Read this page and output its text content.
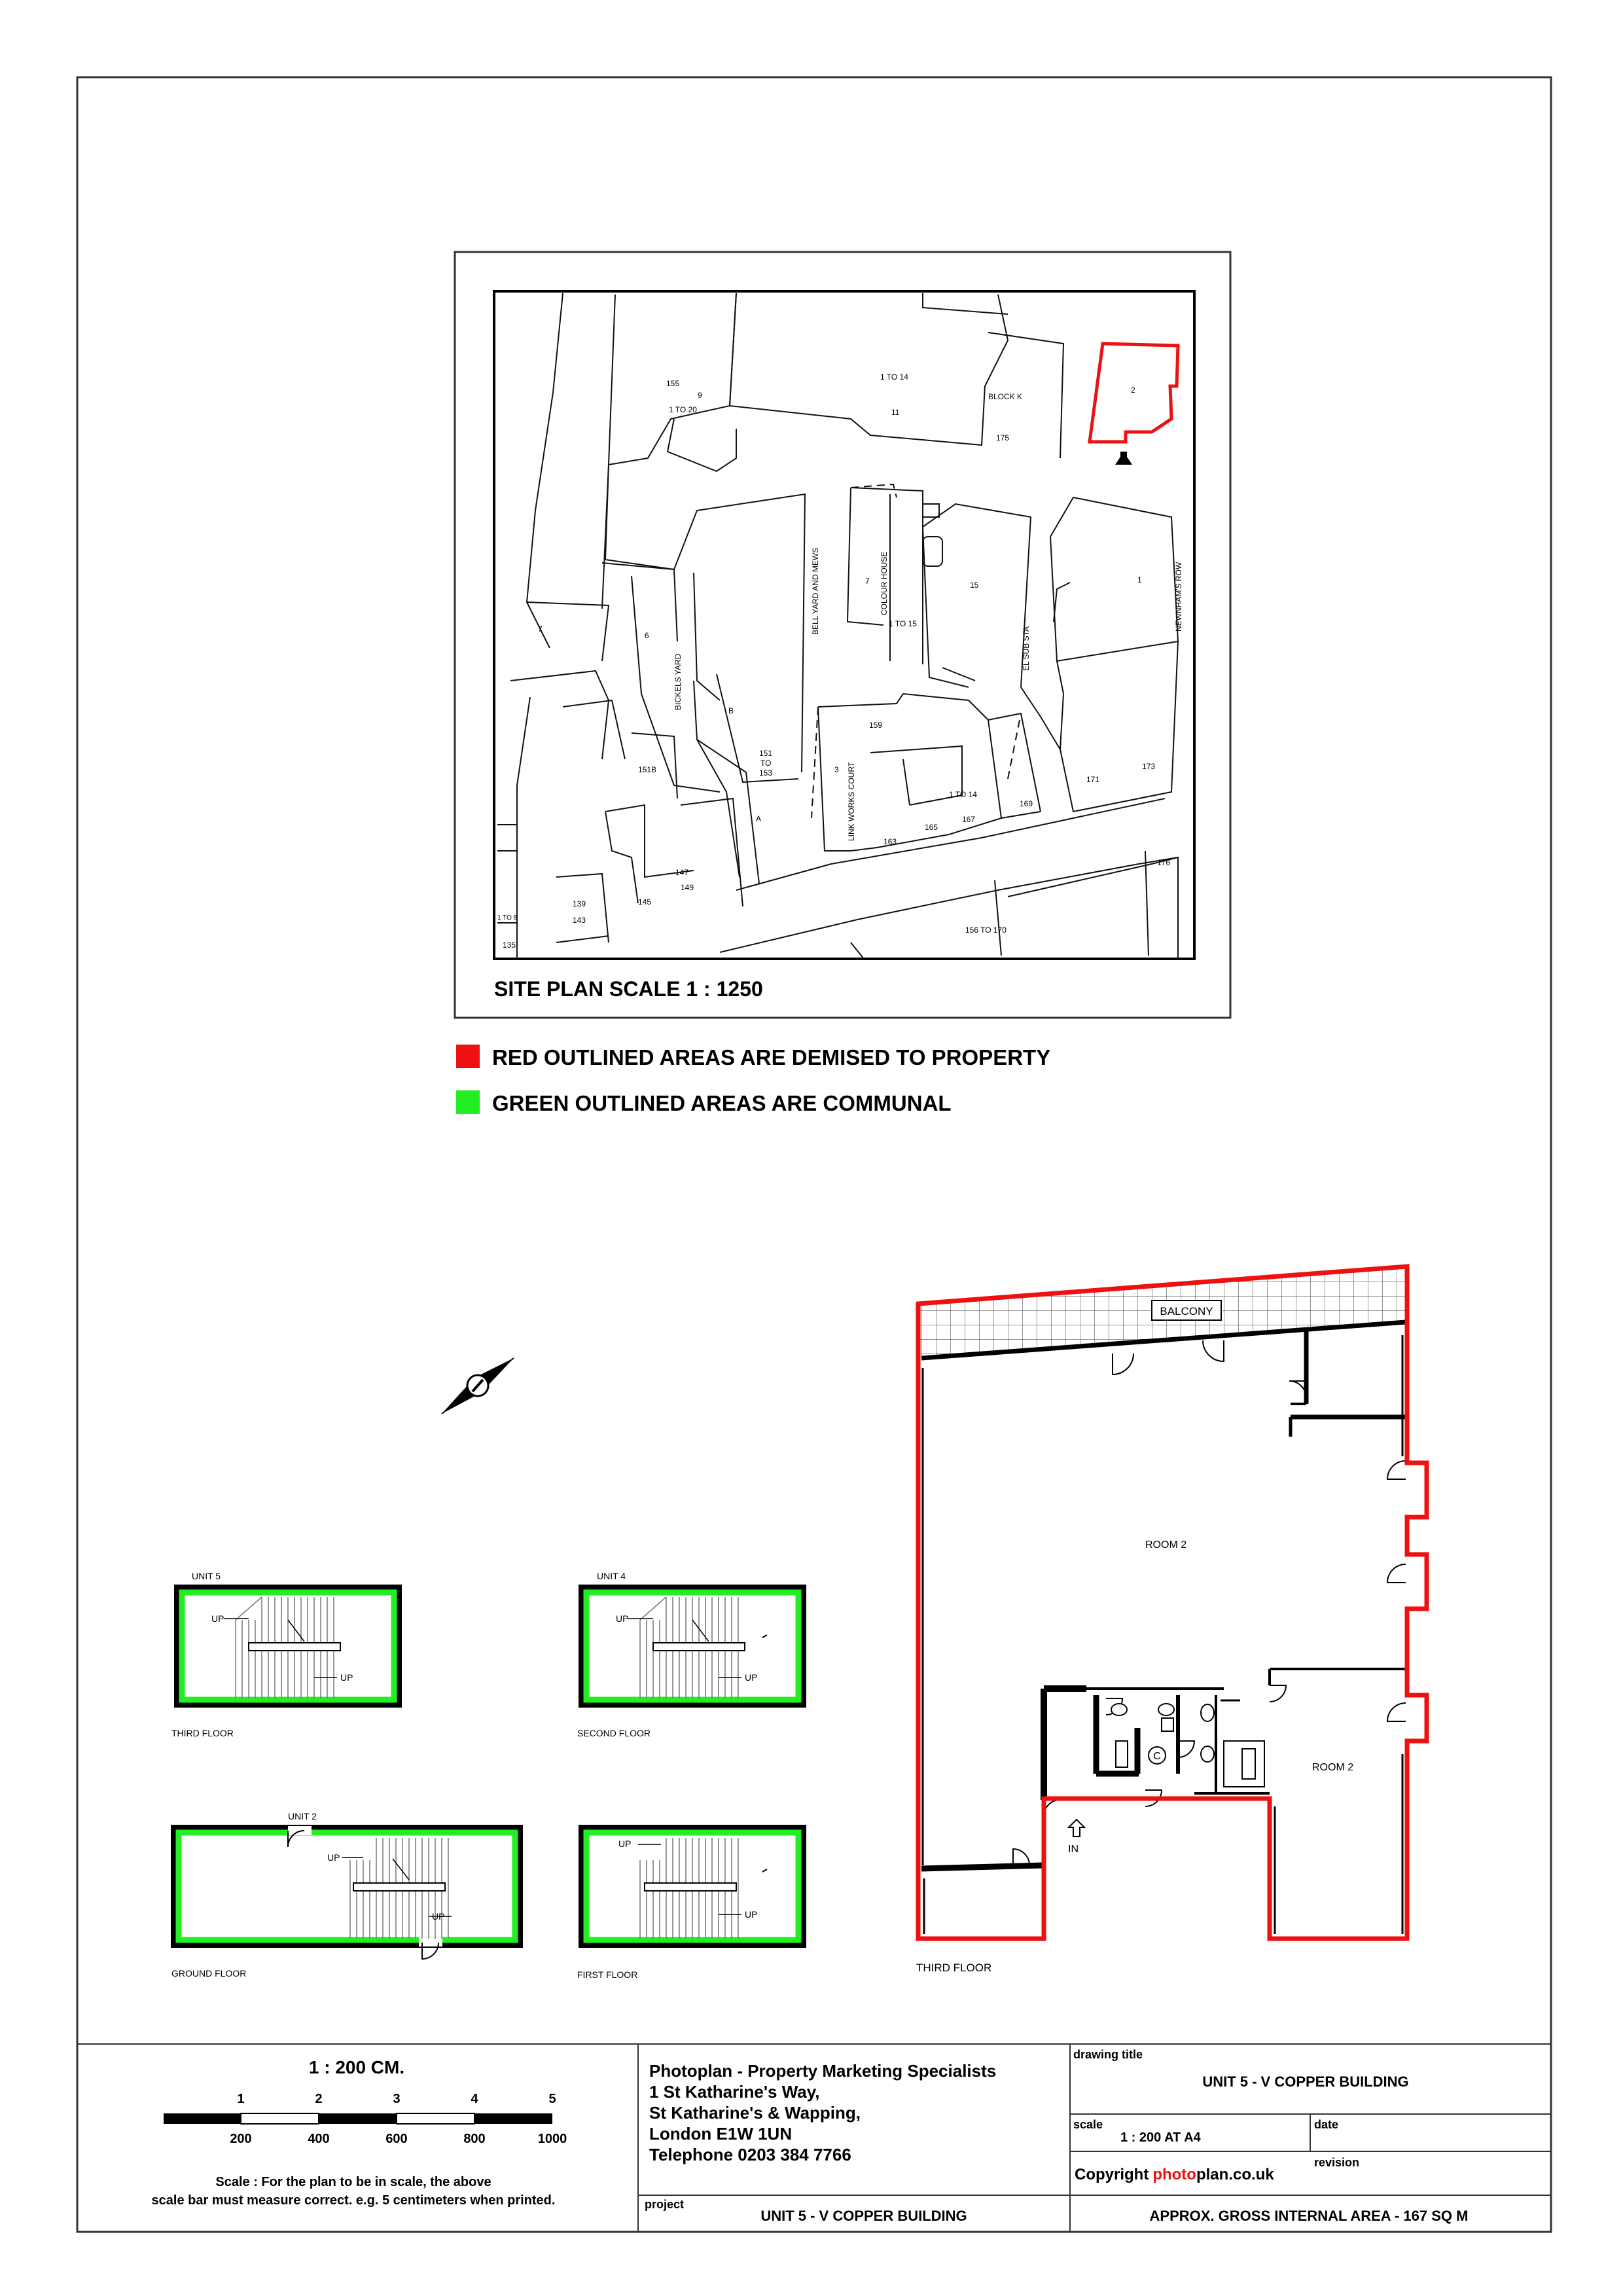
155
9
1 TO 20
1 TO 14
11
BLOCK K
175
2
7
6
BICKELS YARD
BELL YARD AND MEWS	COLOUR HOUSE
7
1 TO 15
15
EL SUB STA
1	NEWNHAM'S ROW
B
151B
151
TO
153
A
159
3 LINK WORKS COURT	1 TO 14
169
167
165
163
171
173
176
147
149
145
139
143
1 TO 8
135
156 TO 170
SITE PLAN SCALE 1 : 1250
RED OUTLINED AREAS ARE DEMISED TO PROPERTY
GREEN OUTLINED AREAS ARE COMMUNAL
BALCONY
C
IN
ROOM 2
ROOM 2
THIRD FLOOR
UNIT 5
UP
UP
THIRD FLOOR
UNIT 4
UP
UP
SECOND FLOOR
UNIT 2
UP
UP
GROUND FLOOR
UP
UP
FIRST FLOOR
1 : 200 CM.
1	2	3	4	5
200	400	600	800	1000
Scale : For the plan to be in scale, the above
scale bar must measure correct. e.g. 5 centimeters when printed.
Photoplan - Property Marketing Specialists
1 St Katharine's Way,
St Katharine's & Wapping,
London E1W 1UN
Telephone 0203 384 7766
drawing title
UNIT 5 - V COPPER BUILDING
scale
1 : 200 AT A4
date
revision
Copyright photoplan.co.uk
project
UNIT 5 - V COPPER BUILDING	APPROX. GROSS INTERNAL AREA - 167 SQ M
